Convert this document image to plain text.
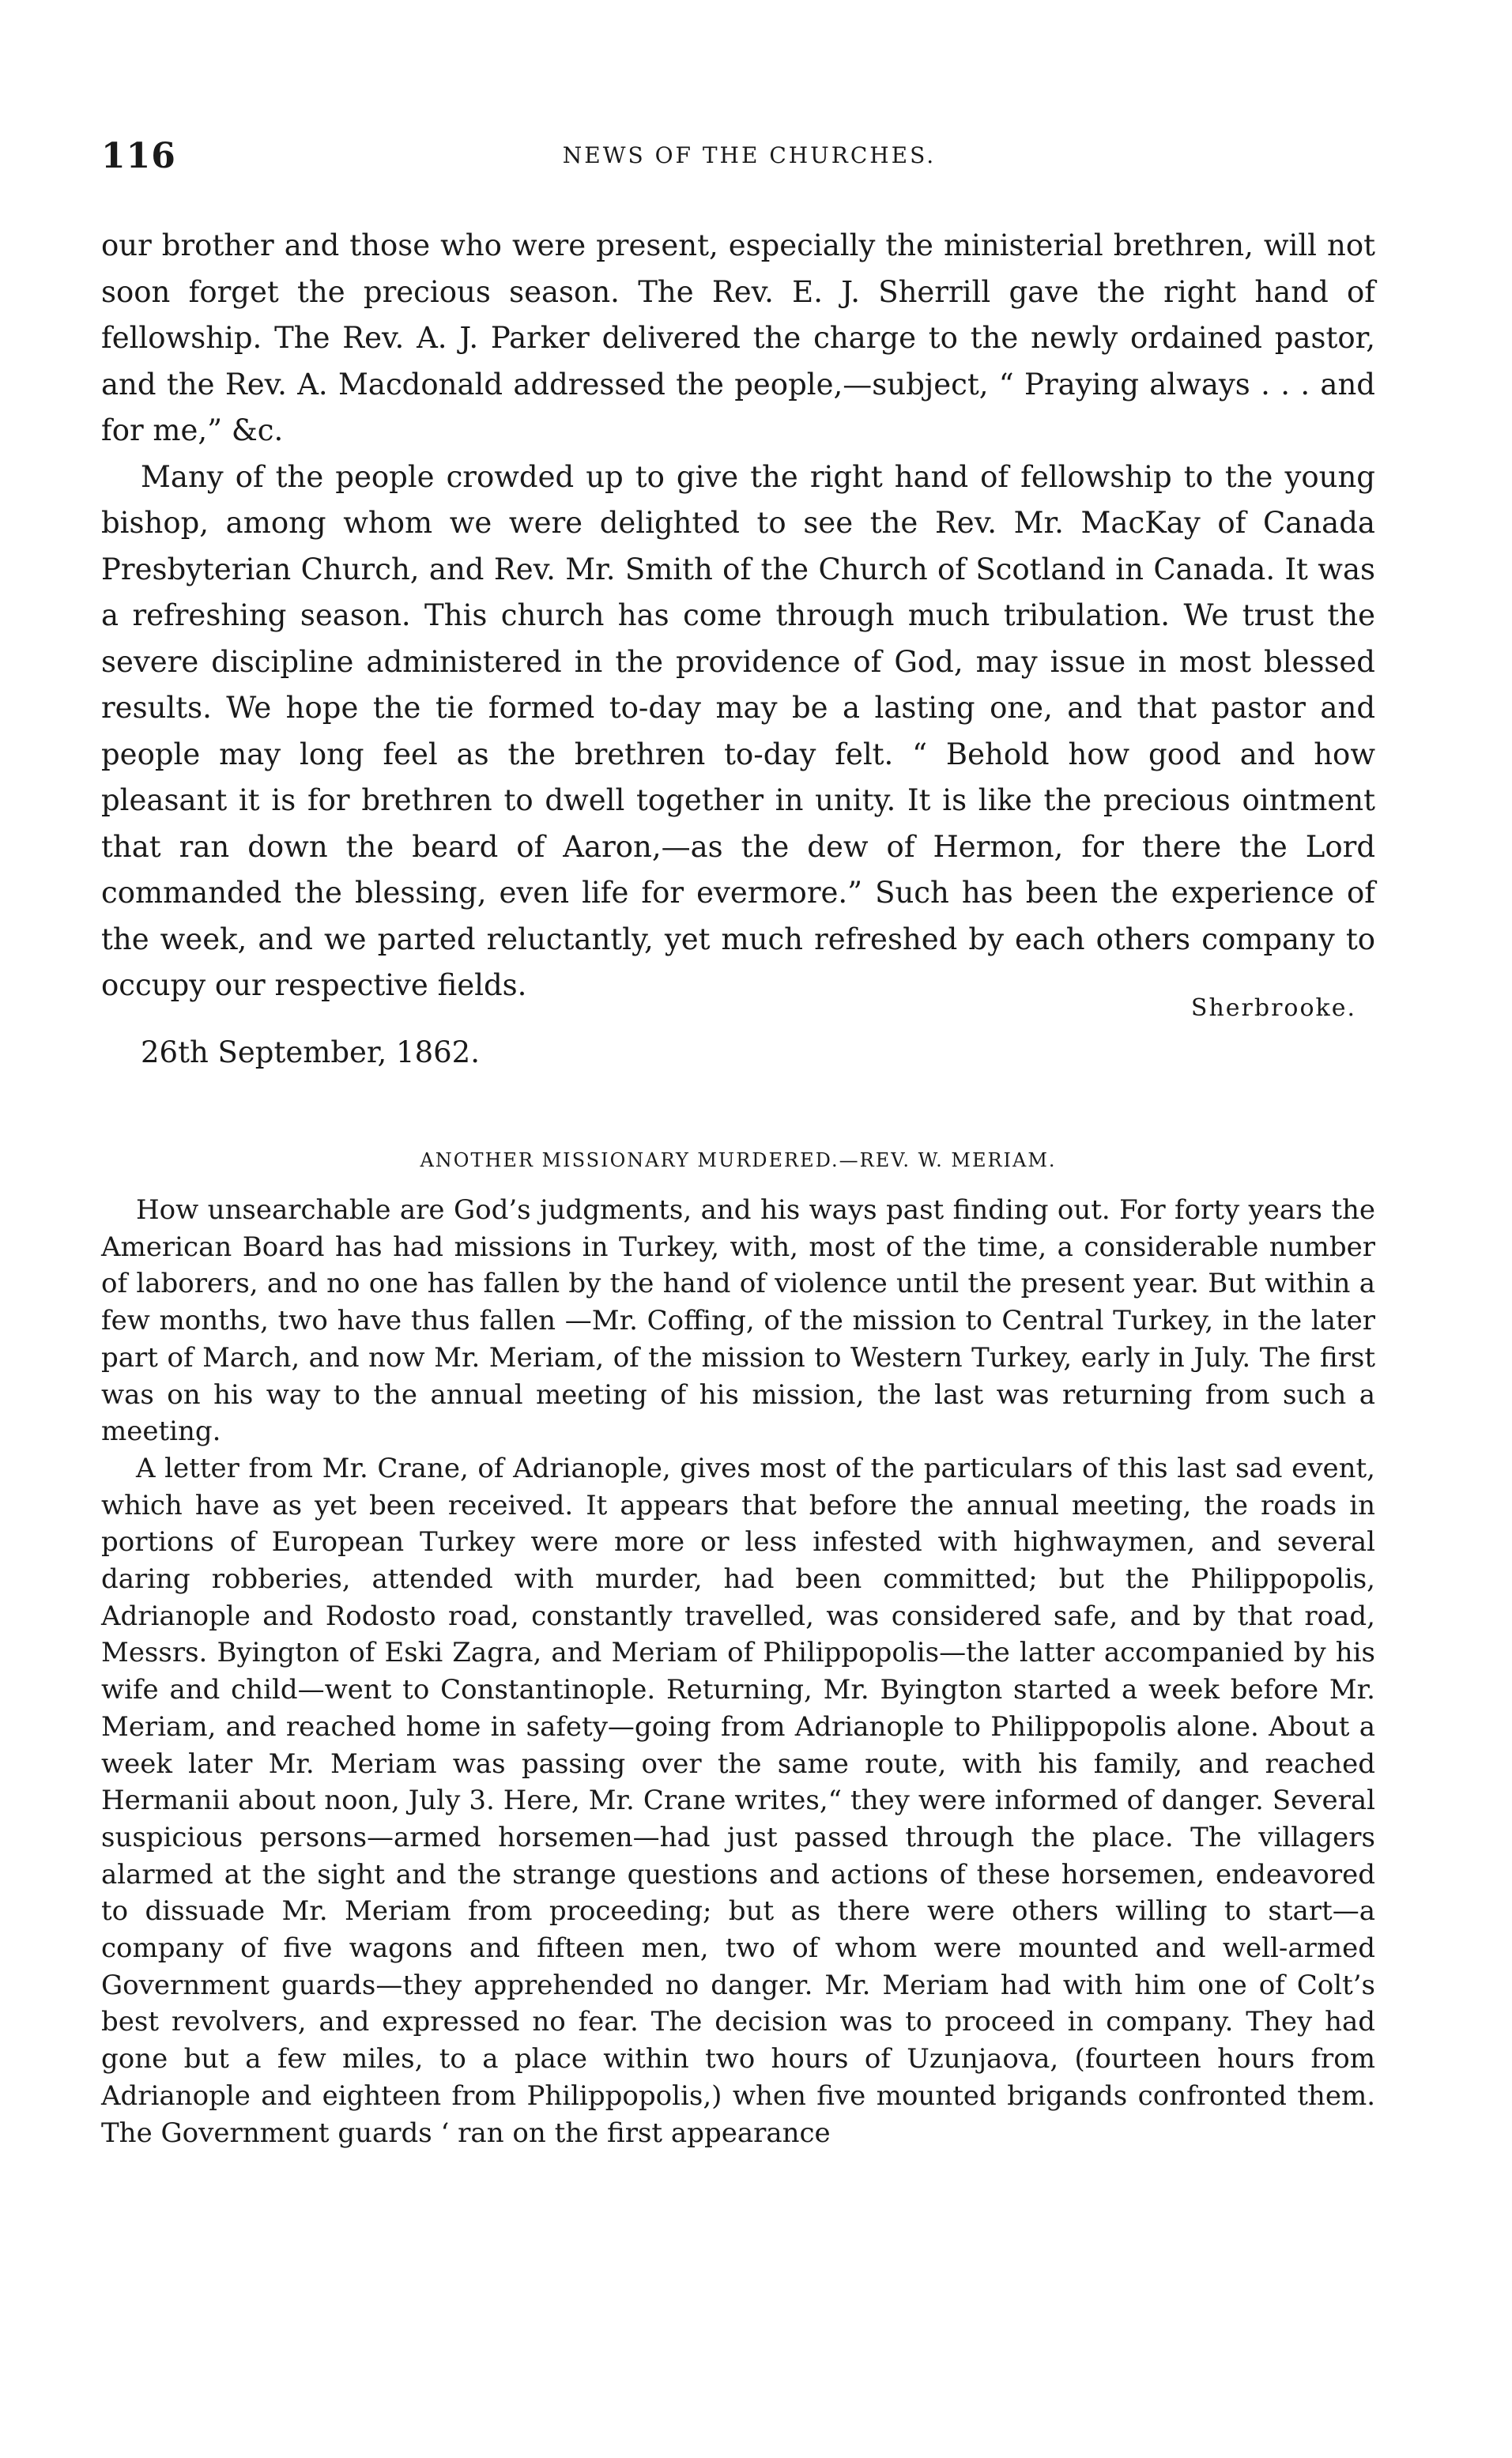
116	NEWS OF THE CHURCHES.

our brother and those who were present, especially the ministerial brethren, will not soon forget the precious season. The Rev. E. J. Sherrill gave the right hand of fellowship. The Rev. A. J. Parker delivered the charge to the newly ordained pastor, and the Rev. A. Macdonald addressed the people,—subject, “ Praying always . . . and for me,” &c.

Many of the people crowded up to give the right hand of fellowship to the young bishop, among whom we were delighted to see the Rev. Mr. MacKay of Canada Presbyterian Church, and Rev. Mr. Smith of the Church of Scotland in Canada. It was a refreshing season. This church has come through much tribulation. We trust the severe discipline administered in the providence of God, may issue in most blessed results. We hope the tie formed to-day may be a lasting one, and that pastor and people may long feel as the brethren to-day felt. “ Behold how good and how pleasant it is for brethren to dwell together in unity. It is like the precious ointment that ran down the beard of Aaron,—as the dew of Hermon, for there the Lord commanded the blessing, even life for evermore.” Such has been the experience of the week, and we parted reluctantly, yet much refreshed by each others company to occupy our respective fields.

Sherbrooke.
26th September, 1862.
ANOTHER MISSIONARY MURDERED.—REV. W. MERIAM.

How unsearchable are God’s judgments, and his ways past finding out. For forty years the American Board has had missions in Turkey, with, most of the time, a considerable number of laborers, and no one has fallen by the hand of violence until the present year. But within a few months, two have thus fallen —Mr. Coffing, of the mission to Central Turkey, in the later part of March, and now Mr. Meriam, of the mission to Western Turkey, early in July. The first was on his way to the annual meeting of his mission, the last was returning from such a meeting.

A letter from Mr. Crane, of Adrianople, gives most of the particulars of this last sad event, which have as yet been received. It appears that before the annual meeting, the roads in portions of European Turkey were more or less infested with highwaymen, and several daring robberies, attended with murder, had been committed; but the Philippopolis, Adrianople and Rodosto road, constantly travelled, was considered safe, and by that road, Messrs. Byington of Eski Zagra, and Meriam of Philippopolis—the latter accompanied by his wife and child—went to Constantinople. Returning, Mr. Byington started a week before Mr. Meriam, and reached home in safety—going from Adrianople to Philippopolis alone. About a week later Mr. Meriam was passing over the same route, with his family, and reached Hermanii about noon, July 3. Here, Mr. Crane writes,“ they were informed of danger. Several suspicious persons—armed horsemen—had just passed through the place. The villagers alarmed at the sight and the strange questions and actions of these horsemen, endeavored to dissuade Mr. Meriam from proceeding; but as there were others willing to start—a company of five wagons and fifteen men, two of whom were mounted and well-armed Government guards—they apprehended no danger. Mr. Meriam had with him one of Colt’s best revolvers, and expressed no fear. The decision was to proceed in company. They had gone but a few miles, to a place within two hours of Uzunjaova, (fourteen hours from Adrianople and eighteen from Philippopolis,) when five mounted brigands confronted them. The Government guards ‘ ran on the first appearance
